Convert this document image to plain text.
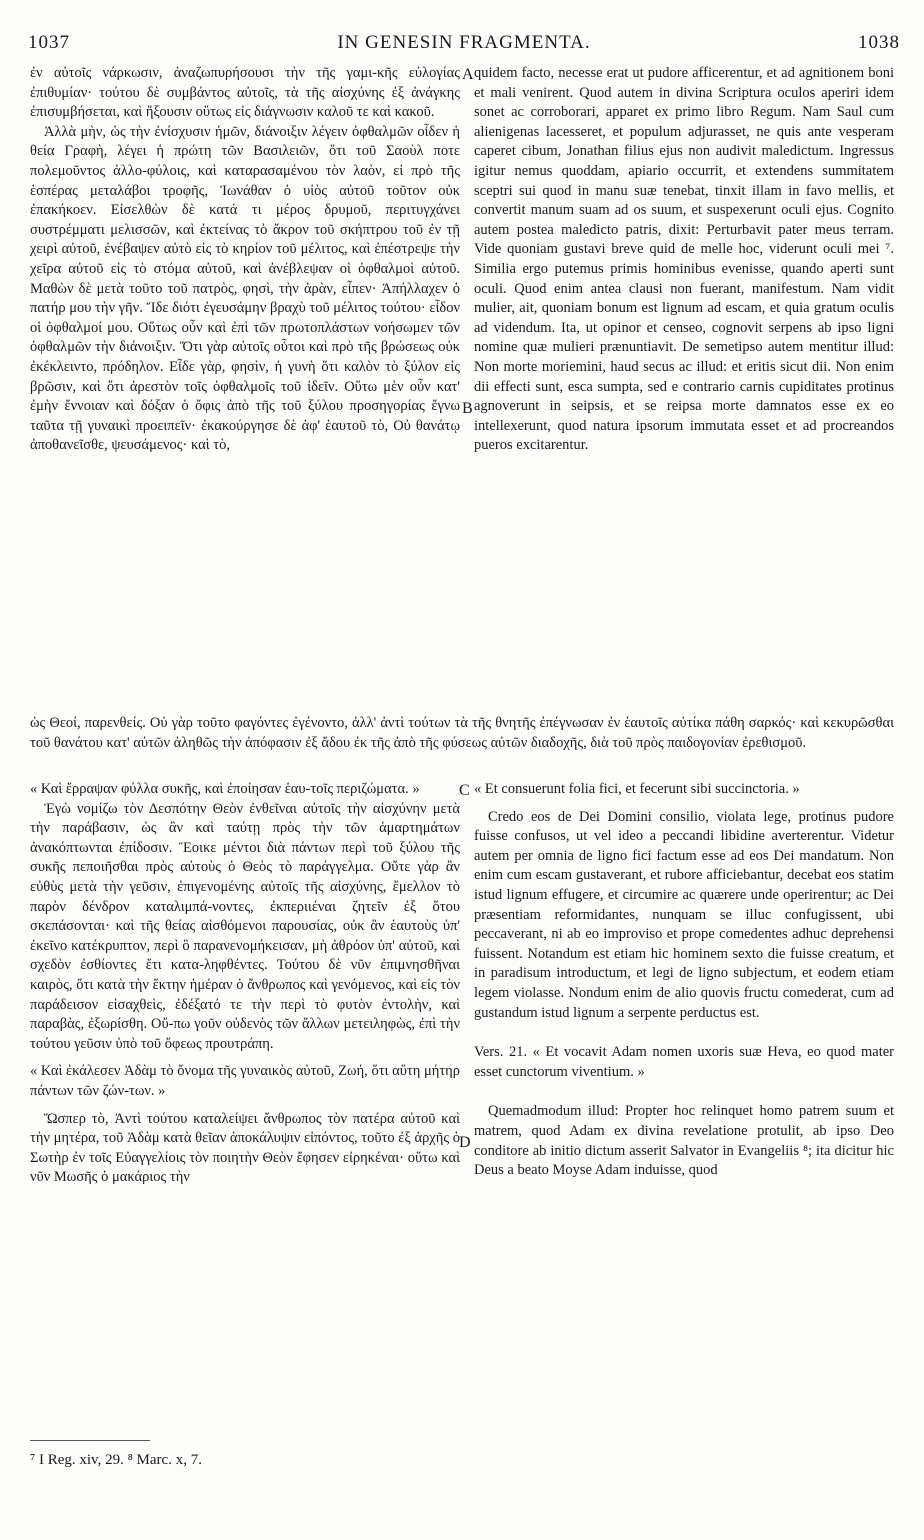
1037	IN GENESIN FRAGMENTA.	1038

ἐν αὐτοῖς νάρκωσιν, ἀναζωπυρήσουσι τὴν τῆς γαμι-κῆς εὐλογίας ἐπιθυμίαν· τούτου δὲ συμβάντος αὐτοῖς, τὰ τῆς αἰσχύνης ἐξ ἀνάγκης ἐπισυμβήσεται, καὶ ἥξουσιν οὕτως εἰς διάγνωσιν καλοῦ τε καὶ κακοῦ.

Ἀλλὰ μὴν, ὡς τὴν ἐνίσχυσιν ἡμῶν, διάνοιξιν λέγειν ὀφθαλμῶν οἶδεν ἡ θεία Γραφὴ, λέγει ἡ πρώτη τῶν Βασιλειῶν, ὅτι τοῦ Σαοὺλ ποτε πολεμοῦντος ἀλλο-φύλοις, καὶ καταρασαμένου τὸν λαὸν, εἰ πρὸ τῆς ἑσπέρας μεταλάβοι τροφῆς, Ἰωνάθαν ὁ υἱὸς αὐτοῦ τοῦτον οὐκ ἐπακήκοεν. Εἰσελθὼν δὲ κατά τι μέρος δρυμοῦ, περιτυγχάνει συστρέμματι μελισσῶν, καὶ ἐκτείνας τὸ ἄκρον τοῦ σκήπτρου τοῦ ἐν τῇ χειρὶ αὐτοῦ, ἐνέβαψεν αὐτὸ εἰς τὸ κηρίον τοῦ μέλιτος, καὶ ἐπέστρεψε τὴν χεῖρα αὐτοῦ εἰς τὸ στόμα αὐτοῦ, καὶ ἀνέβλεψαν οἱ ὀφθαλμοὶ αὐτοῦ. Μαθὼν δὲ μετὰ τοῦτο τοῦ πατρὸς, φησὶ, τὴν ἀρὰν, εἶπεν· Ἀπήλλαχεν ὁ πατήρ μου τὴν γῆν. Ἴδε διότι ἐγευσάμην βραχὺ τοῦ μέλιτος τούτου· εἶδον οἱ ὀφθαλμοί μου. Οὕτως οὖν καὶ ἐπὶ τῶν πρωτοπλάστων νοήσωμεν τῶν ὀφθαλμῶν τὴν διάνοιξιν. Ὅτι γὰρ αὐτοῖς οὗτοι καὶ πρὸ τῆς βρώσεως οὐκ ἐκέκλειντο, πρόδηλον. Εἶδε γὰρ, φησὶν, ἡ γυνὴ ὅτι καλὸν τὸ ξύλον εἰς βρῶσιν, καὶ ὅτι ἀρεστὸν τοῖς ὀφθαλμοῖς τοῦ ἰδεῖν. Οὕτω μὲν οὖν κατ' ἐμὴν ἔννοιαν καὶ δόξαν ὁ ὄφις ἀπὸ τῆς τοῦ ξύλου προσηγορίας ἔγνω ταῦτα τῇ γυναικὶ προειπεῖν· ἐκακούργησε δὲ ἀφ' ἑαυτοῦ τὸ, Οὐ θανάτῳ ἀποθανεῖσθε, ψευσάμενος· καὶ τὸ,

quidem facto, necesse erat ut pudore afficerentur, et ad agnitionem boni et mali venirent. Quod autem in divina Scriptura oculos aperiri idem sonet ac corroborari, apparet ex primo libro Regum. Nam Saul cum alienigenas lacesseret, et populum adjurasset, ne quis ante vesperam caperet cibum, Jonathan filius ejus non audivit maledictum. Ingressus igitur nemus quoddam, apiario occurrit, et extendens summitatem sceptri sui quod in manu suæ tenebat, tinxit illam in favo mellis, et convertit manum suam ad os suum, et suspexerunt oculi ejus. Cognito autem postea maledicto patris, dixit: Perturbavit pater meus terram. Vide quoniam gustavi breve quid de melle hoc, viderunt oculi mei ⁷. Similia ergo putemus primis hominibus evenisse, quando aperti sunt oculi. Quod enim antea clausi non fuerant, manifestum. Nam vidit mulier, ait, quoniam bonum est lignum ad escam, et quia gratum oculis ad videndum. Ita, ut opinor et censeo, cognovit serpens ab ipso ligni nomine quæ mulieri prænuntiavit. De semetipso autem mentitur illud: Non morte moriemini, haud secus ac illud: et eritis sicut dii. Non enim dii effecti sunt, esca sumpta, sed e contrario carnis cupiditates protinus agnoverunt in seipsis, et se reipsa morte damnatos esse ex eo intellexerunt, quod natura ipsorum immutata esset et ad procreandos pueros excitarentur.

A
B

ὡς Θεοί, παρενθείς. Οὐ γὰρ τοῦτο φαγόντες ἐγένοντο, ἀλλ' ἀντὶ τούτων τὰ τῆς θνητῆς ἐπέγνωσαν ἐν ἑαυτοῖς αὐτίκα πάθη σαρκός· καὶ κεκυρῶσθαι τοῦ θανάτου κατ' αὐτῶν ἀληθῶς τὴν ἀπόφασιν ἐξ ἄδου ἐκ τῆς ἀπὸ τῆς φύσεως αὐτῶν διαδοχῆς, διὰ τοῦ πρὸς παιδογονίαν ἐρεθισμοῦ.

C
D

« Καὶ ἔρραψαν φύλλα συκῆς, καὶ ἐποίησαν ἑαυ-τοῖς περιζώματα. »

Ἐγὼ νομίζω τὸν Δεσπότην Θεὸν ἐνθεῖναι αὐτοῖς τὴν αἰσχύνην μετὰ τὴν παράβασιν, ὡς ἂν καὶ ταύτῃ πρὸς τὴν τῶν ἁμαρτημάτων ἀνακόπτωνται ἐπίδοσιν. Ἔοικε μέντοι διὰ πάντων περὶ τοῦ ξύλου τῆς συκῆς πεποιῆσθαι πρὸς αὐτοὺς ὁ Θεὸς τὸ παράγγελμα. Οὔτε γὰρ ἂν εὐθὺς μετὰ τὴν γεῦσιν, ἐπιγενομένης αὐτοῖς τῆς αἰσχύνης, ἔμελλον τὸ παρὸν δένδρον καταλιμπά-νοντες, ἐκπεριιέναι ζητεῖν ἐξ ὅτου σκεπάσονται· καὶ τῆς θείας αἰσθόμενοι παρουσίας, οὐκ ἂν ἑαυτοὺς ὑπ' ἐκεῖνο κατέκρυπτον, περὶ ὃ παρανενομήκεισαν, μὴ ἀθρόον ὑπ' αὐτοῦ, καὶ σχεδὸν ἐσθίοντες ἔτι κατα-ληφθέντες. Τούτου δὲ νῦν ἐπιμνησθῆναι καιρὸς, ὅτι κατὰ τὴν ἕκτην ἡμέραν ὁ ἄνθρωπος καὶ γενόμενος, καὶ εἰς τὸν παράδεισον εἰσαχθεὶς, ἐδέξατό τε τὴν περὶ τὸ φυτὸν ἐντολὴν, καὶ παραβὰς, ἐξωρίσθη. Οὔ-πω γοῦν οὐδενὸς τῶν ἄλλων μετειληφὼς, ἐπὶ τὴν τούτου γεῦσιν ὑπὸ τοῦ ὄφεως προυτράπη.

« Καὶ ἐκάλεσεν Ἀδὰμ τὸ ὄνομα τῆς γυναικὸς αὐτοῦ, Ζωή, ὅτι αὕτη μήτηρ πάντων τῶν ζών-των. »

Ὥσπερ τὸ, Ἀντὶ τούτου καταλείψει ἄνθρωπος τὸν πατέρα αὐτοῦ καὶ τὴν μητέρα, τοῦ Ἀδὰμ κατὰ θεῖαν ἀποκάλυψιν εἰπόντος, τοῦτο ἐξ ἀρχῆς ὁ Σωτὴρ ἐν τοῖς Εὐαγγελίοις τὸν ποιητὴν Θεὸν ἔφησεν εἰρηκέναι· οὕτω καὶ νῦν Μωσῆς ὁ μακάριος τὴν

« Et consuerunt folia fici, et fecerunt sibi succinctoria. »

Credo eos de Dei Domini consilio, violata lege, protinus pudore fuisse confusos, ut vel ideo a peccandi libidine averterentur. Videtur autem per omnia de ligno fici factum esse ad eos Dei mandatum. Non enim cum escam gustaverant, et rubore afficiebantur, decebat eos statim istud lignum effugere, et circumire ac quærere unde operirentur; ac Dei præsentiam reformidantes, nunquam se illuc confugissent, ubi peccaverant, ni ab eo improviso et prope comedentes adhuc deprehensi fuissent. Notandum est etiam hic hominem sexto die fuisse creatum, et in paradisum introductum, et legi de ligno subjectum, et eodem etiam legem violasse. Nondum enim de alio quovis fructu comederat, cum ad gustandum istud lignum a serpente perductus est.

Vers. 21. « Et vocavit Adam nomen uxoris suæ Heva, eo quod mater esset cunctorum viventium. »

Quemadmodum illud: Propter hoc relinquet homo patrem suum et matrem, quod Adam ex divina revelatione protulit, ab ipso Deo conditore ab initio dictum asserit Salvator in Evangeliis ⁸; ita dicitur hic Deus a beato Moyse Adam induisse, quod

⁷ I Reg. xiv, 29. ⁸ Marc. x, 7.
